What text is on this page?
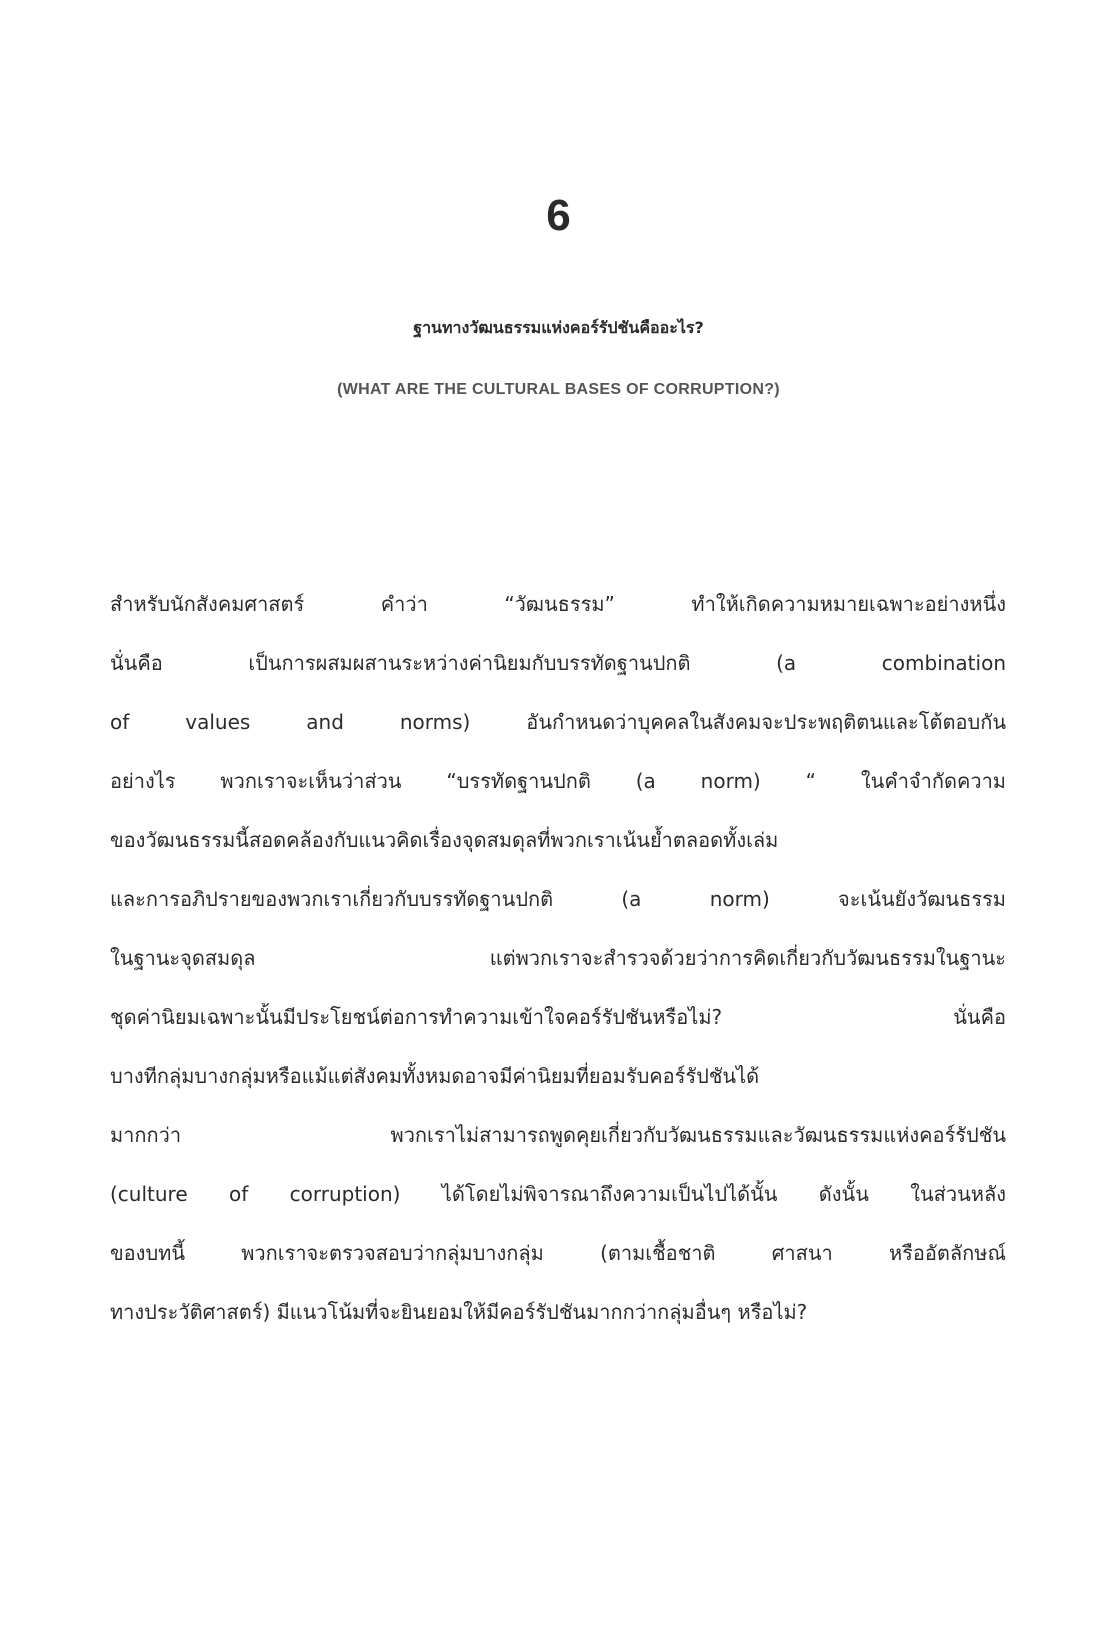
6
ฐานทางวัฒนธรรมแห่งคอร์รัปชันคืออะไร?
(WHAT ARE THE CULTURAL BASES OF CORRUPTION?)
สำหรับนักสังคมศาสตร์ คำว่า “วัฒนธรรม” ทำให้เกิดความหมายเฉพาะอย่างหนึ่ง
นั่นคือ เป็นการผสมผสานระหว่างค่านิยมกับบรรทัดฐานปกติ (a combination
of values and norms) อันกำหนดว่าบุคคลในสังคมจะประพฤติตนและโต้ตอบกัน
อย่างไร พวกเราจะเห็นว่าส่วน “บรรทัดฐานปกติ (a norm) “ ในคำจำกัดความ
ของวัฒนธรรมนี้สอดคล้องกับแนวคิดเรื่องจุดสมดุลที่พวกเราเน้นย้ำตลอดทั้งเล่ม
และการอภิปรายของพวกเราเกี่ยวกับบรรทัดฐานปกติ (a norm) จะเน้นยังวัฒนธรรม
ในฐานะจุดสมดุล แต่พวกเราจะสำรวจด้วยว่าการคิดเกี่ยวกับวัฒนธรรมในฐานะ
ชุดค่านิยมเฉพาะนั้นมีประโยชน์ต่อการทำความเข้าใจคอร์รัปชันหรือไม่? นั่นคือ
บางทีกลุ่มบางกลุ่มหรือแม้แต่สังคมทั้งหมดอาจมีค่านิยมที่ยอมรับคอร์รัปชันได้
มากกว่า พวกเราไม่สามารถพูดคุยเกี่ยวกับวัฒนธรรมและวัฒนธรรมแห่งคอร์รัปชัน
(culture of corruption) ได้โดยไม่พิจารณาถึงความเป็นไปได้นั้น ดังนั้น ในส่วนหลัง
ของบทนี้ พวกเราจะตรวจสอบว่ากลุ่มบางกลุ่ม (ตามเชื้อชาติ ศาสนา หรืออัตลักษณ์
ทางประวัติศาสตร์) มีแนวโน้มที่จะยินยอมให้มีคอร์รัปชันมากกว่ากลุ่มอื่นๆ หรือไม่?
